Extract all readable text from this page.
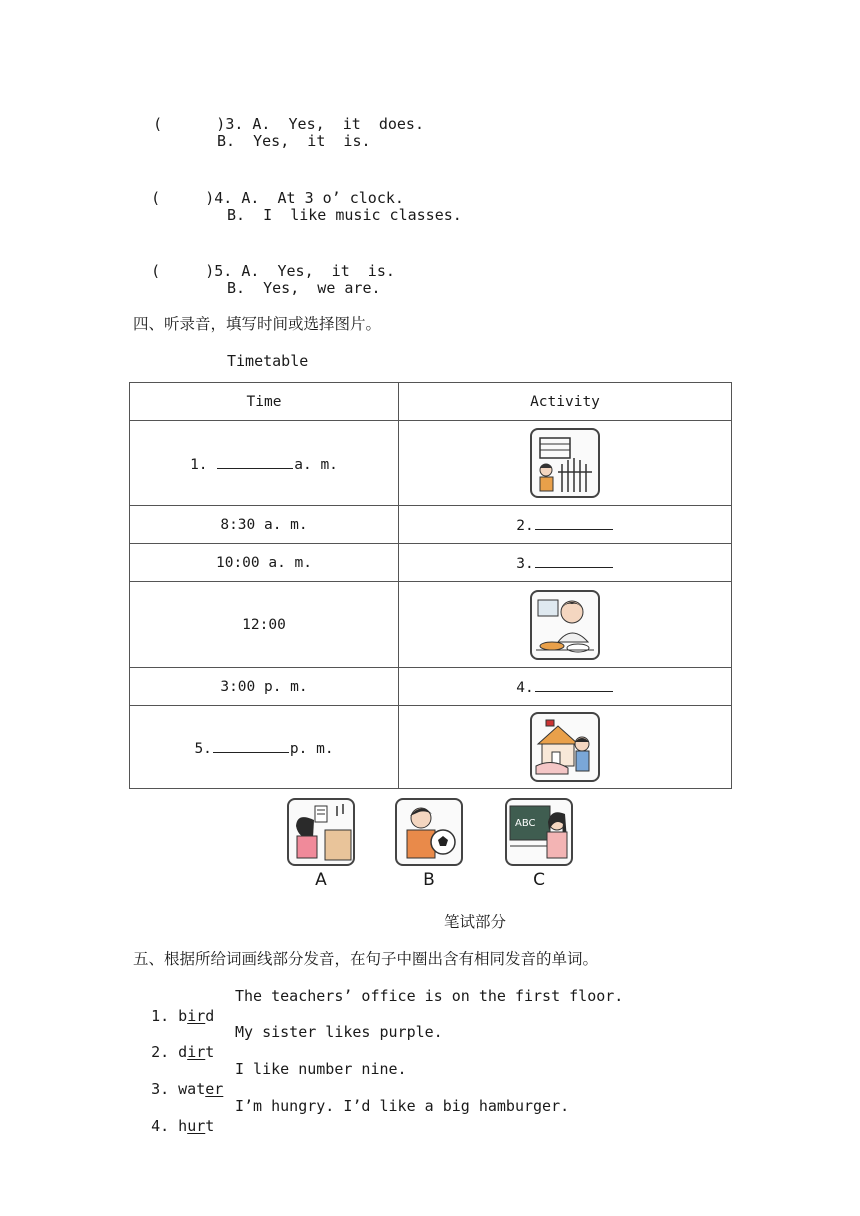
(      )3. A.  Yes,  it  does.

B.  Yes,  it  is.

(     )4. A.  At 3 o’ clock.

B.  I  like music classes.

(     )5. A.  Yes,  it  is.

B.  Yes,  we are.
四、听录音，填写时间或选择图片。
Timetable
Time	Activity
1. a. m.	
8:30 a. m.	2.
10:00 a. m.	3.
12:00	
3:00 p. m.	4.
5. p. m.	
A	B
ABC
C
笔试部分
五、根据所给词画线部分发音，在句子中圈出含有相同发音的单词。

1. bird

The teachers’ office is on the first floor.

2. dirt

My sister likes purple.

3. water

I like number nine.

4. hurt

I’m hungry. I’d like a big hamburger.
